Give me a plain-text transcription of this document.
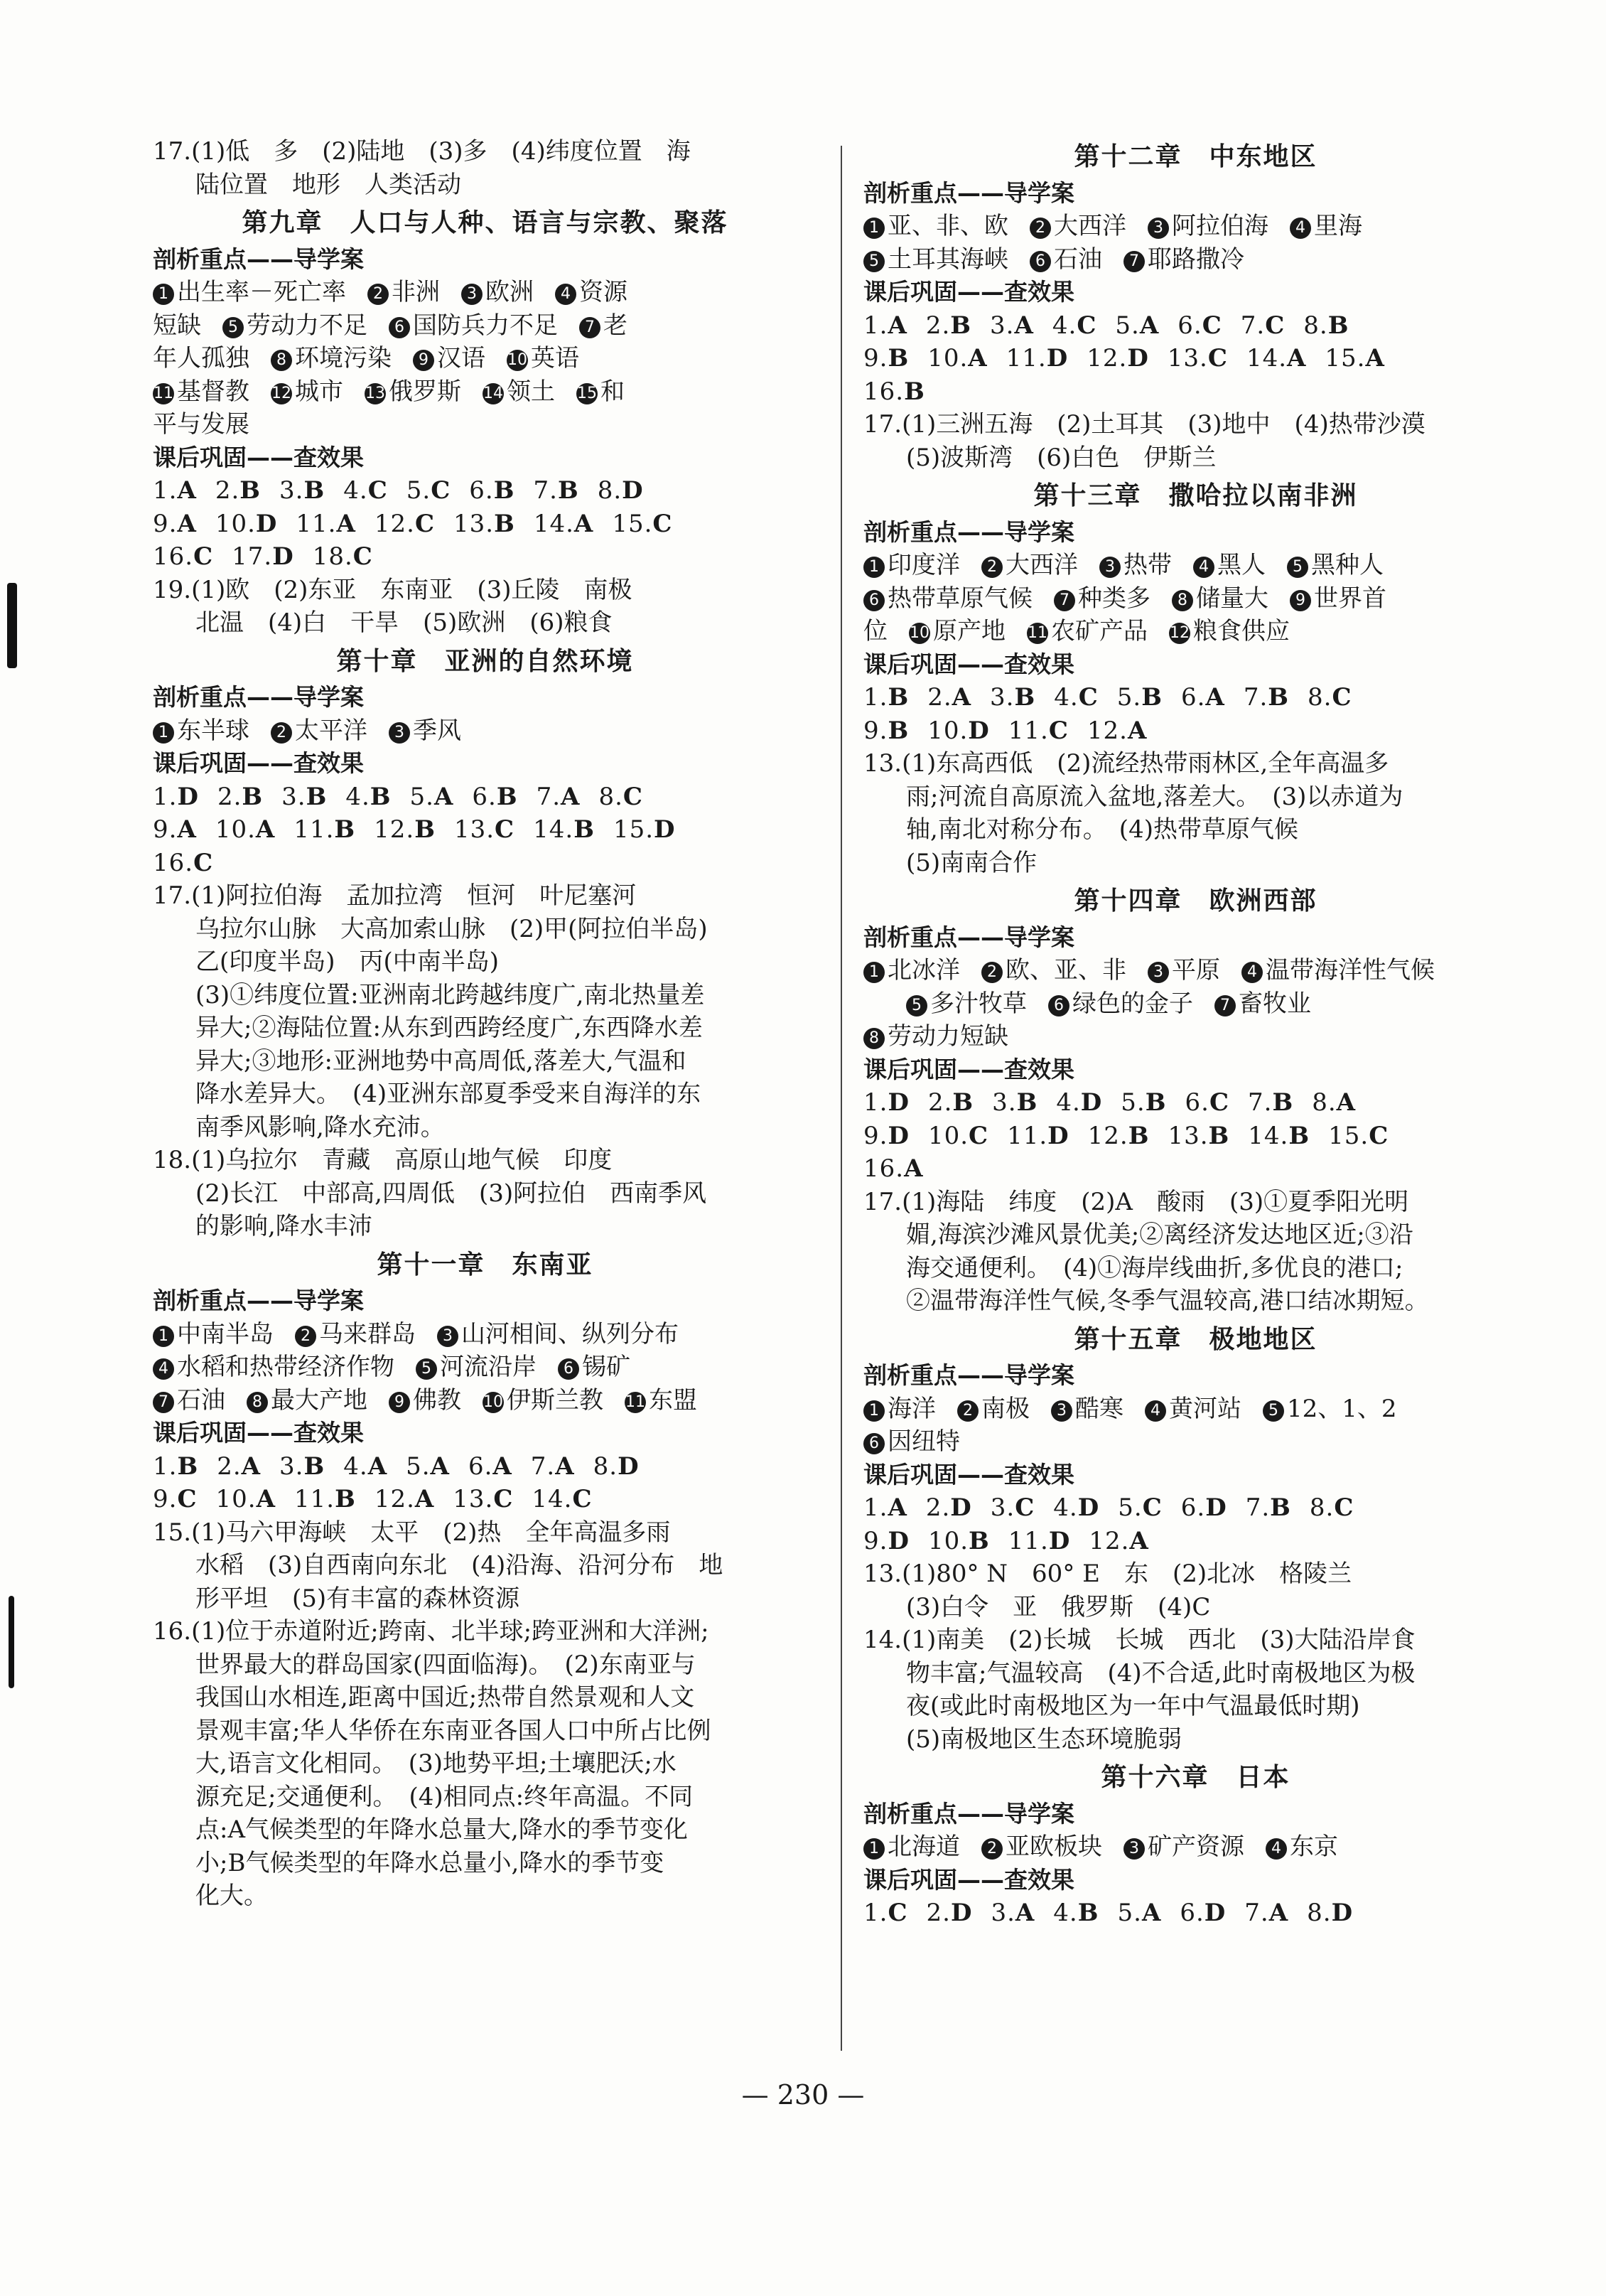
17.(1)低　多　(2)陆地　(3)多　(4)纬度位置　海
陆位置　地形　人类活动
第九章　人口与人种、语言与宗教、聚落
剖析重点——导学案
1 出生率－死亡率 2 非洲 3 欧洲 4 资源
短缺 5 劳动力不足 6 国防兵力不足 7 老
年人孤独 8 环境污染 9 汉语 10 英语
11 基督教 12 城市 13 俄罗斯 14 领土 15 和
平与发展
课后巩固——查效果
1.A 2.B 3.B 4.C 5.C 6.B 7.B 8.D
9.A 10.D 11.A 12.C 13.B 14.A 15.C
16.C 17.D 18.C
19.(1)欧　(2)东亚　东南亚　(3)丘陵　南极
北温　(4)白　干旱　(5)欧洲　(6)粮食
第十章　亚洲的自然环境
剖析重点——导学案
1 东半球 2 太平洋 3 季风
课后巩固——查效果
1.D 2.B 3.B 4.B 5.A 6.B 7.A 8.C
9.A 10.A 11.B 12.B 13.C 14.B 15.D
16.C
17.(1)阿拉伯海　孟加拉湾　恒河　叶尼塞河
乌拉尔山脉　大高加索山脉　(2)甲(阿拉伯半岛)
乙(印度半岛)　丙(中南半岛)
(3)①纬度位置:亚洲南北跨越纬度广,南北热量差
异大;②海陆位置:从东到西跨经度广,东西降水差
异大;③地形:亚洲地势中高周低,落差大,气温和
降水差异大。　(4)亚洲东部夏季受来自海洋的东
南季风影响,降水充沛。
18.(1)乌拉尔　青藏　高原山地气候　印度
(2)长江　中部高,四周低　(3)阿拉伯　西南季风
的影响,降水丰沛
第十一章　东南亚
剖析重点——导学案
1 中南半岛 2 马来群岛 3 山河相间、纵列分布
4 水稻和热带经济作物 5 河流沿岸 6 锡矿
7 石油 8 最大产地 9 佛教 10 伊斯兰教 11 东盟
课后巩固——查效果
1.B 2.A 3.B 4.A 5.A 6.A 7.A 8.D
9.C 10.A 11.B 12.A 13.C 14.C
15.(1)马六甲海峡　太平　(2)热　全年高温多雨
水稻　(3)自西南向东北　(4)沿海、沿河分布　地
形平坦　(5)有丰富的森林资源
16.(1)位于赤道附近;跨南、北半球;跨亚洲和大洋洲;
世界最大的群岛国家(四面临海)。　(2)东南亚与
我国山水相连,距离中国近;热带自然景观和人文
景观丰富;华人华侨在东南亚各国人口中所占比例
大,语言文化相同。　(3)地势平坦;土壤肥沃;水
源充足;交通便利。　(4)相同点:终年高温。不同
点:A气候类型的年降水总量大,降水的季节变化
小;B气候类型的年降水总量小,降水的季节变
化大。
第十二章　中东地区
剖析重点——导学案
1 亚、非、欧 2 大西洋 3 阿拉伯海 4 里海
5 土耳其海峡 6 石油 7 耶路撒冷
课后巩固——查效果
1.A 2.B 3.A 4.C 5.A 6.C 7.C 8.B
9.B 10.A 11.D 12.D 13.C 14.A 15.A
16.B
17.(1)三洲五海　(2)土耳其　(3)地中　(4)热带沙漠
(5)波斯湾　(6)白色　伊斯兰
第十三章　撒哈拉以南非洲
剖析重点——导学案
1 印度洋 2 大西洋 3 热带 4 黑人 5 黑种人
6 热带草原气候 7 种类多 8 储量大 9 世界首
位 10 原产地 11 农矿产品 12 粮食供应
课后巩固——查效果
1.B 2.A 3.B 4.C 5.B 6.A 7.B 8.C
9.B 10.D 11.C 12.A
13.(1)东高西低　(2)流经热带雨林区,全年高温多
雨;河流自高原流入盆地,落差大。　(3)以赤道为
轴,南北对称分布。　(4)热带草原气候
(5)南南合作
第十四章　欧洲西部
剖析重点——导学案
1 北冰洋 2 欧、亚、非 3 平原 4 温带海洋性气候
5 多汁牧草 6 绿色的金子 7 畜牧业
8 劳动力短缺
课后巩固——查效果
1.D 2.B 3.B 4.D 5.B 6.C 7.B 8.A
9.D 10.C 11.D 12.B 13.B 14.B 15.C
16.A
17.(1)海陆　纬度　(2)A　酸雨　(3)①夏季阳光明
媚,海滨沙滩风景优美;②离经济发达地区近;③沿
海交通便利。　(4)①海岸线曲折,多优良的港口;
②温带海洋性气候,冬季气温较高,港口结冰期短。
第十五章　极地地区
剖析重点——导学案
1 海洋 2 南极 3 酷寒 4 黄河站 5 12、1、2
6 因纽特
课后巩固——查效果
1.A 2.D 3.C 4.D 5.C 6.D 7.B 8.C
9.D 10.B 11.D 12.A
13.(1)80° N　60° E　东　(2)北冰　格陵兰
(3)白令　亚　俄罗斯　(4)C
14.(1)南美　(2)长城　长城　西北　(3)大陆沿岸食
物丰富;气温较高　(4)不合适,此时南极地区为极
夜(或此时南极地区为一年中气温最低时期)
(5)南极地区生态环境脆弱
第十六章　日本
剖析重点——导学案
1 北海道 2 亚欧板块 3 矿产资源 4 东京
课后巩固——查效果
1.C 2.D 3.A 4.B 5.A 6.D 7.A 8.D
— 230 —
